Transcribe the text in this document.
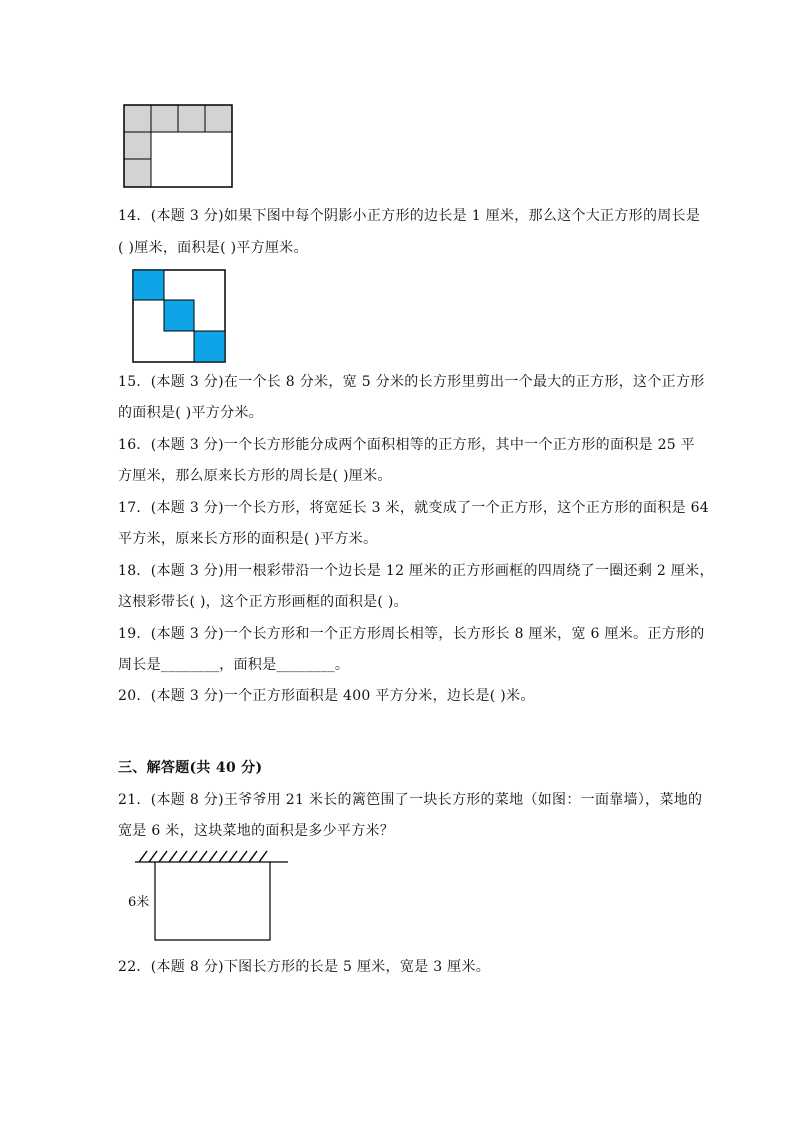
14．(本题 3 分)如果下图中每个阴影小正方形的边长是 1 厘米，那么这个大正方形的周长是
( )厘米，面积是( )平方厘米。
15．(本题 3 分)在一个长 8 分米，宽 5 分米的长方形里剪出一个最大的正方形，这个正方形
的面积是( )平方分米。
16．(本题 3 分)一个长方形能分成两个面积相等的正方形，其中一个正方形的面积是 25 平
方厘米，那么原来长方形的周长是( )厘米。
17．(本题 3 分)一个长方形，将宽延长 3 米，就变成了一个正方形，这个正方形的面积是 64
平方米，原来长方形的面积是( )平方米。
18．(本题 3 分)用一根彩带沿一个边长是 12 厘米的正方形画框的四周绕了一圈还剩 2 厘米，
这根彩带长( )，这个正方形画框的面积是( )。
19．(本题 3 分)一个长方形和一个正方形周长相等，长方形长 8 厘米，宽 6 厘米。正方形的
周长是________，面积是________。
20．(本题 3 分)一个正方形面积是 400 平方分米，边长是( )米。
三、解答题(共 40 分)
21．(本题 8 分)王爷爷用 21 米长的篱笆围了一块长方形的菜地（如图：一面靠墙），菜地的
宽是 6 米，这块菜地的面积是多少平方米？
6米
22．(本题 8 分)下图长方形的长是 5 厘米，宽是 3 厘米。
